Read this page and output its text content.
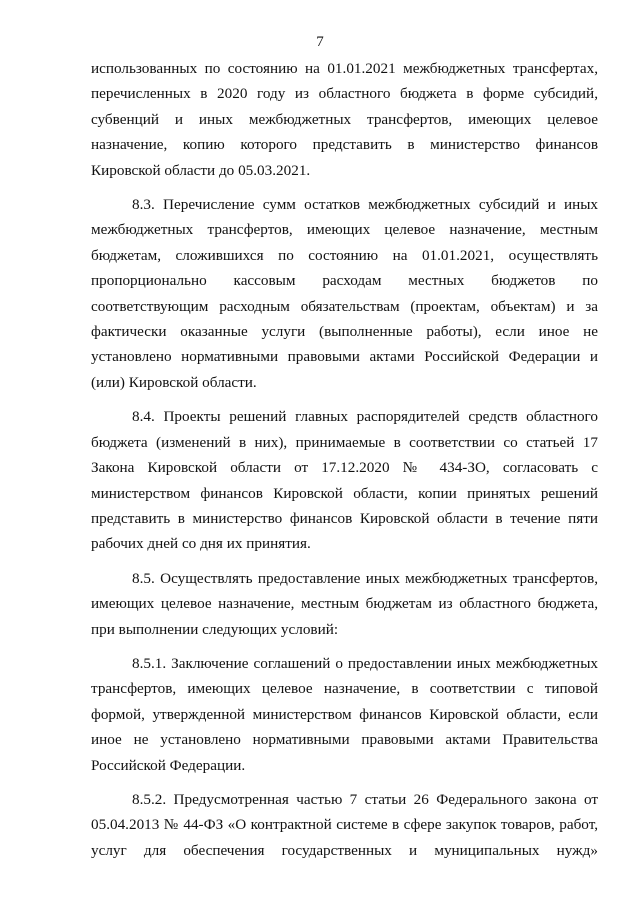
7

использованных по состоянию на 01.01.2021 межбюджетных трансфертах, перечисленных в 2020 году из областного бюджета в форме субсидий, субвенций и иных межбюджетных трансфертов, имеющих целевое назначение, копию которого представить в министерство финансов Кировской области до 05.03.2021.

8.3. Перечисление сумм остатков межбюджетных субсидий и иных межбюджетных трансфертов, имеющих целевое назначение, местным бюджетам, сложившихся по состоянию на 01.01.2021, осуществлять пропорционально кассовым расходам местных бюджетов по соответствующим расходным обязательствам (проектам, объектам) и за фактически оказанные услуги (выполненные работы), если иное не установлено нормативными правовыми актами Российской Федерации и (или) Кировской области.

8.4. Проекты решений главных распорядителей средств областного бюджета (изменений в них), принимаемые в соответствии со статьей 17 Закона Кировской области от 17.12.2020 № 434-ЗО, согласовать с министерством финансов Кировской области, копии принятых решений представить в министерство финансов Кировской области в течение пяти рабочих дней со дня их принятия.

8.5. Осуществлять предоставление иных межбюджетных трансфертов, имеющих целевое назначение, местным бюджетам из областного бюджета, при выполнении следующих условий:

8.5.1. Заключение соглашений о предоставлении иных межбюджетных трансфертов, имеющих целевое назначение, в соответствии с типовой формой, утвержденной министерством финансов Кировской области, если иное не установлено нормативными правовыми актами Правительства Российской Федерации.

8.5.2. Предусмотренная частью 7 статьи 26 Федерального закона от 05.04.2013 № 44-ФЗ «О контрактной системе в сфере закупок товаров, работ, услуг для обеспечения государственных и муниципальных нужд»
